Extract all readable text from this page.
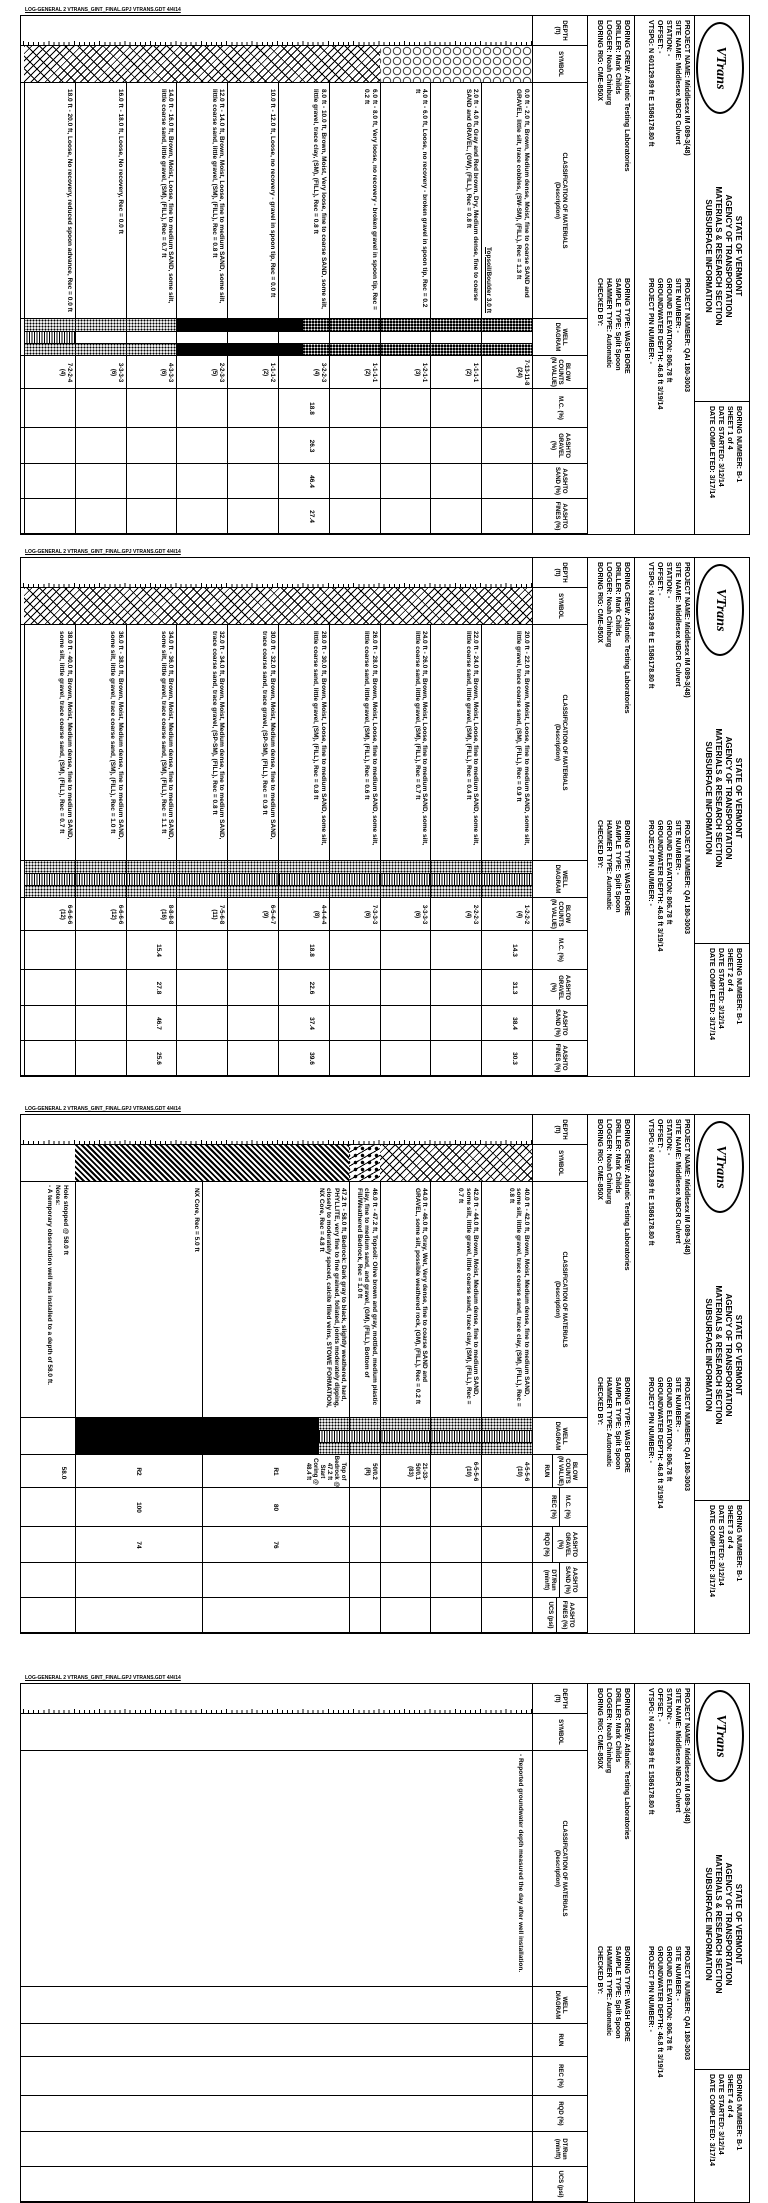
LOG-GENERAL 2 VTRANS_GINT_FINAL.GPJ VTRANS.GDT 4/4/14
VTrans
STATE OF VERMONT
AGENCY OF TRANSPORTATION
MATERIALS & RESEARCH SECTION
SUBSURFACE INFORMATION
BORING NUMBER: B-1
SHEET 1 of 4
DATE STARTED: 3/12/14
DATE COMPLETED: 3/17/14
PROJECT NAME: Middlesex IM 089-3(48)
SITE NAME: Middlesex NBCR Culvert
STATION: -
OFFSET: -
VTSPG: N 601129.89 ft E 1586178.80 ft
PROJECT NUMBER: QAI 180-3003
SITE NUMBER: -
GROUND ELEVATION: 806.78 ft
GROUNDWATER DEPTH: 46.8 ft 3/19/14
PROJECT PIN NUMBER: -
BORING CREW: Atlantic Testing Laboratories
DRILLER: Mark Childs
LOGGER: Noah Chinburg
BORING RIG: CME-850X
BORING TYPE: WASH BORE
SAMPLE TYPE: Split Spoon
HAMMER TYPE: Automatic
CHECKED BY:
DEPTH (ft)
SYMBOL
CLASSIFICATION OF MATERIALS
(Description)
WELL DIAGRAM
BLOW COUNTS (N VALUE)
M.C. (%)
AASHTO GRAVEL (%)
AASHTO SAND (%)
AASHTO FINES (%)
0.0 ft - 2.0 ft, Brown, Medium dense, Moist, fine to coarse SAND and GRAVEL, little silt, trace cobbles, (SW-SM), (FILL), Rec = 1.3 ft
7-13-11-8
(24)
2.0 ft - 4.0 ft, Gray and Red brown, Dry, Medium dense, fine to coarse SAND and GRAVEL, (GW), (FILL), Rec = 0.8 ft
1-1-1-1
(2)
4.0 ft - 6.0 ft, Loose, no recovery - broken gravel in spoon tip, Rec = 0.2 ft
1-2-1-1
(3)
6.0 ft - 8.0 ft, Very loose, no recovery - broken gravel in spoon tip, Rec = 0.2 ft
1-1-1-1
(2)
8.0 ft - 10.0 ft, Brown, Moist, Very loose, fine to coarse SAND, some silt, little gravel, trace clay, (SM), (FILL), Rec = 0.8 ft
3-2-2-3
(4)
18.8
26.3
46.4
27.4
10.0 ft - 12.0 ft, Loose, no recovery - gravel in spoon tip, Rec = 0.0 ft
1-1-1-2
(2)
12.0 ft - 14.0 ft, Brown, Moist, Loose, fine to medium SAND, some silt, little coarse sand, little gravel, (SM), (FILL), Rec = 0.8 ft
2-2-3-3
(5)
14.0 ft - 16.0 ft, Brown, Moist, Loose, fine to medium SAND, some silt, little coarse sand, little gravel, (SM), (FILL), Rec = 0.7 ft
4-3-3-3
(6)
16.0 ft - 18.0 ft, Loose, No recovery, Rec = 0.0 ft
3-3-3-3
(6)
18.0 ft - 20.0 ft, Loose, No recovery, reduced spoon advance, Rec = 0.0 ft
7-2-2-4
(4)
Topsoil/Boulder 3.0 ft
LOG-GENERAL 2 VTRANS_GINT_FINAL.GPJ VTRANS.GDT 4/4/14
VTrans
STATE OF VERMONT
AGENCY OF TRANSPORTATION
MATERIALS & RESEARCH SECTION
SUBSURFACE INFORMATION
BORING NUMBER: B-1
SHEET 2 of 4
DATE STARTED: 3/12/14
DATE COMPLETED: 3/17/14
PROJECT NAME: Middlesex IM 089-3(48)
SITE NAME: Middlesex NBCR Culvert
STATION: -
OFFSET: -
VTSPG: N 601129.89 ft E 1586178.80 ft
PROJECT NUMBER: QAI 180-3003
SITE NUMBER: -
GROUND ELEVATION: 806.78 ft
GROUNDWATER DEPTH: 46.8 ft 3/19/14
PROJECT PIN NUMBER: -
BORING CREW: Atlantic Testing Laboratories
DRILLER: Mark Childs
LOGGER: Noah Chinburg
BORING RIG: CME-850X
BORING TYPE: WASH BORE
SAMPLE TYPE: Split Spoon
HAMMER TYPE: Automatic
CHECKED BY:
DEPTH (ft)
SYMBOL
CLASSIFICATION OF MATERIALS
(Description)
WELL DIAGRAM
BLOW COUNTS (N VALUE)
M.C. (%)
AASHTO GRAVEL (%)
AASHTO SAND (%)
AASHTO FINES (%)
20.0 ft - 22.0 ft, Brown, Moist, Loose, fine to medium SAND, some silt, little gravel, trace coarse sand, (SM), (FILL), Rec = 0.9 ft
1-2-2-2
(4)
14.3
31.3
38.4
30.3
22.0 ft - 24.0 ft, Brown, Moist, Loose, fine to medium SAND, some silt, little coarse sand, little gravel, (SM), (FILL), Rec = 0.4 ft
2-2-2-3
(4)
24.0 ft - 26.0 ft, Brown, Moist, Loose, fine to medium SAND, some silt, little coarse sand, little gravel, (SM), (FILL), Rec = 0.7 ft
3-3-3-3
(6)
26.0 ft - 28.0 ft, Brown, Moist, Loose, fine to medium SAND, some silt, little coarse sand, little gravel, (SM), (FILL), Rec = 0.6 ft
7-3-3-3
(6)
28.0 ft - 30.0 ft, Brown, Moist, Loose, fine to medium SAND, some silt, little coarse sand, little gravel, (SM), (FILL), Rec = 0.8 ft
4-4-4-4
(8)
18.8
22.6
37.4
39.6
30.0 ft - 32.0 ft, Brown, Moist, Medium dense, fine to medium SAND, trace coarse sand, trace gravel, (SP-SM), (FILL), Rec = 0.9 ft
6-5-4-7
(9)
32.0 ft - 34.0 ft, Brown, Moist, Medium dense, fine to medium SAND, trace coarse sand, trace gravel, (SP-SM), (FILL), Rec = 0.8 ft
7-5-6-8
(11)
34.0 ft - 36.0 ft, Brown, Moist, Medium dense, fine to medium SAND, some silt, little gravel, trace coarse sand, (SM), (FILL), Rec = 1.1 ft
8-8-8-8
(16)
15.4
27.8
46.7
25.6
36.0 ft - 38.0 ft, Brown, Moist, Medium dense, fine to medium SAND, some silt, little gravel, trace coarse sand, (SM), (FILL), Rec = 1.0 ft
6-6-6-6
(12)
38.0 ft - 40.0 ft, Brown, Moist, Medium dense, fine to medium SAND, some silt, little gravel, trace coarse sand, (SM), (FILL), Rec = 0.7 ft
6-6-6-6
(12)
LOG-GENERAL 2 VTRANS_GINT_FINAL.GPJ VTRANS.GDT 4/4/14
VTrans
STATE OF VERMONT
AGENCY OF TRANSPORTATION
MATERIALS & RESEARCH SECTION
SUBSURFACE INFORMATION
BORING NUMBER: B-1
SHEET 3 of 4
DATE STARTED: 3/12/14
DATE COMPLETED: 3/17/14
PROJECT NAME: Middlesex IM 089-3(48)
SITE NAME: Middlesex NBCR Culvert
STATION: -
OFFSET: -
VTSPG: N 601129.89 ft E 1586178.80 ft
PROJECT NUMBER: QAI 180-3003
SITE NUMBER: -
GROUND ELEVATION: 806.78 ft
GROUNDWATER DEPTH: 46.8 ft 3/19/14
PROJECT PIN NUMBER: -
BORING CREW: Atlantic Testing Laboratories
DRILLER: Mark Childs
LOGGER: Noah Chinburg
BORING RIG: CME-850X
BORING TYPE: WASH BORE
SAMPLE TYPE: Split Spoon
HAMMER TYPE: Automatic
CHECKED BY:
DEPTH (ft)
SYMBOL
CLASSIFICATION OF MATERIALS
(Description)
WELL DIAGRAM
BLOW COUNTS (N VALUE)
RUN
M.C. (%)
REC (%)
AASHTO GRAVEL (%)
RQD (%)
AASHTO SAND (%)
DT/Run (min/ft)
AASHTO FINES (%)
UCS (psi)
40.0 ft - 42.0 ft, Brown, Moist, Medium dense, fine to medium SAND, some silt, little gravel, trace coarse sand, trace clay, (SM), (FILL), Rec = 0.8 ft
4-5-5-6
(10)
42.0 ft - 44.0 ft, Brown, Moist, Medium dense, fine to medium SAND, some silt, little gravel, little coarse sand, trace clay, (SM), (FILL), Rec = 0.7 ft
6-5-5-6
(10)
44.0 ft - 46.0 ft, Gray, Wet, Very dense, fine to coarse SAND and GRAVEL, some silt, possible weathered rock, (GM), (FILL), Rec = 0.2 ft
21-33-50/0.1
(83)
46.0 ft - 47.2 ft, Topsoil: Olive brown and gray, mottled, medium plastic clay, fine to medium sand, and gravel, (GM), (FILL), Bottom of Fill/Weathered Bedrock, Rec = 1.0 ft
50/0.2
(R)
47.2 ft - 58.0 ft, Bedrock: Dark gray to black, slightly weathered, hard, PHYLLITE, very fine to fine grained, foliated, joints moderately dipping, closely to moderately spaced, calcite filled veins, STOWE FORMATION, NX Core, Rec = 4.8 ft
Top of Bedrock @ 47.2 ft
Start Coring @ 48.4 ft
80
76
R1
NX Core, Rec = 5.0 ft
100
74
R2
58.0
Hole stopped @ 58.0 ft
Notes:
- A temporary observation well was installed to a depth of 58.0 ft.
LOG-GENERAL 2 VTRANS_GINT_FINAL.GPJ VTRANS.GDT 4/4/14
VTrans
STATE OF VERMONT
AGENCY OF TRANSPORTATION
MATERIALS & RESEARCH SECTION
SUBSURFACE INFORMATION
BORING NUMBER: B-1
SHEET 4 of 4
DATE STARTED: 3/12/14
DATE COMPLETED: 3/17/14
PROJECT NAME: Middlesex IM 089-3(48)
SITE NAME: Middlesex NBCR Culvert
STATION: -
OFFSET: -
VTSPG: N 601129.89 ft E 1586178.80 ft
PROJECT NUMBER: QAI 180-3003
SITE NUMBER: -
GROUND ELEVATION: 806.78 ft
GROUNDWATER DEPTH: 46.8 ft 3/19/14
PROJECT PIN NUMBER: -
BORING CREW: Atlantic Testing Laboratories
DRILLER: Mark Childs
LOGGER: Noah Chinburg
BORING RIG: CME-850X
BORING TYPE: WASH BORE
SAMPLE TYPE: Split Spoon
HAMMER TYPE: Automatic
CHECKED BY:
DEPTH (ft)
SYMBOL
CLASSIFICATION OF MATERIALS
(Description)
WELL DIAGRAM
RUN
REC (%)
RQD (%)
DT/Run (min/ft)
UCS (psi)
- Reported groundwater depth measured the day after well installation.
